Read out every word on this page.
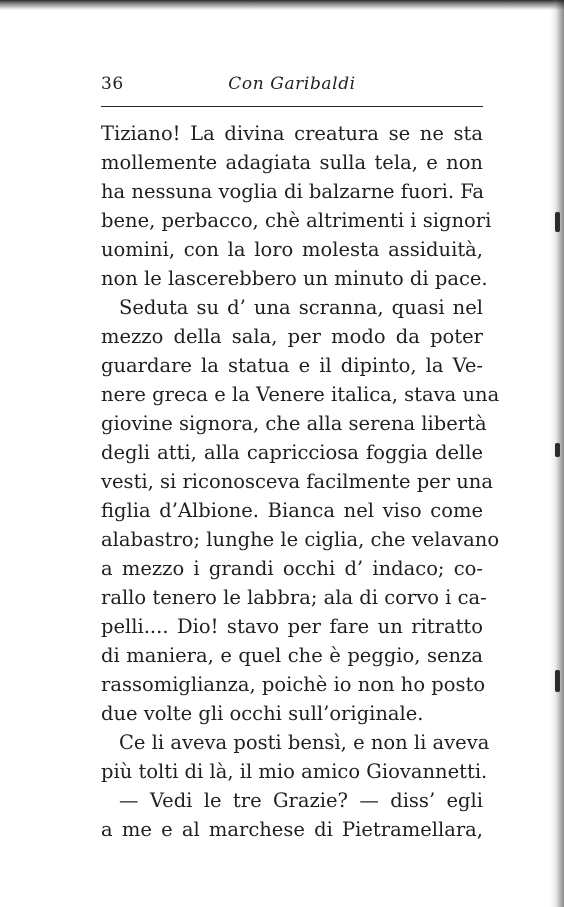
36	Con Garibaldi
Tiziano! La divina creatura se ne sta
mollemente adagiata sulla tela, e non
ha nessuna voglia di balzarne fuori. Fa
bene, perbacco, chè altrimenti i signori
uomini, con la loro molesta assiduità,
non le lascerebbero un minuto di pace.
Seduta su d’ una scranna, quasi nel
mezzo della sala, per modo da poter
guardare la statua e il dipinto, la Ve-
nere greca e la Venere italica, stava una
giovine signora, che alla serena libertà
degli atti, alla capricciosa foggia delle
vesti, si riconosceva facilmente per una
figlia d’Albione. Bianca nel viso come
alabastro; lunghe le ciglia, che velavano
a mezzo i grandi occhi d’ indaco; co-
rallo tenero le labbra; ala di corvo i ca-
pelli.... Dio! stavo per fare un ritratto
di maniera, e quel che è peggio, senza
rassomiglianza, poichè io non ho posto
due volte gli occhi sull’originale.
Ce li aveva posti bensì, e non li aveva
più tolti di là, il mio amico Giovannetti.
— Vedi le tre Grazie? — diss’ egli
a me e al marchese di Pietramellara,
